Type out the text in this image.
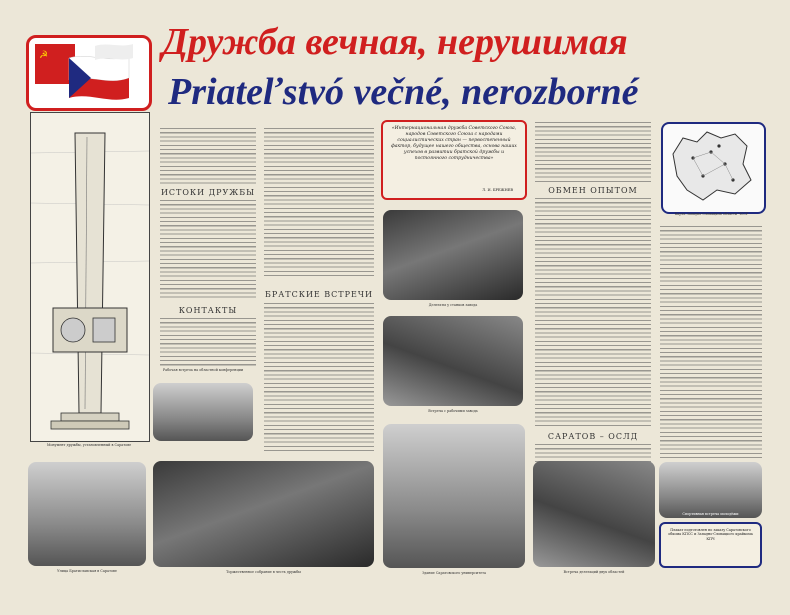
☭	Дружба вечная, нерушимая
Priateľstvó večné, nerozborné
Монумент дружбы, установленный в Саратове
ИСТОКИ ДРУЖБЫ
КОНТАКТЫ
Рабочая встреча на областной конференции
БРАТСКИЕ ВСТРЕЧИ
«Интернациональная дружба Советского Союза, народов Советского Союза с народами социалистических стран — первостепенный фактор, будущее нашего общества, основа наших успехов в развитии братской дружбы и постоянного сотрудничества»
Л. И. БРЕЖНЕВ
Делегаты у станков завода
Встреча с рабочими завода
ОБМЕН ОПЫТОМ
САРАТОВ – ОСЛД
Карта Западно-Словацкой области ЧССР
Улица Братиславская в Саратове	Торжественное собрание в честь дружбы	Здание Саратовского университета	Встреча делегаций двух областей
Спортивная встреча молодёжи
Плакат подготовлен по заказу Саратовского обкома КПСС и Западно-Словацкого крайкома КПЧ
